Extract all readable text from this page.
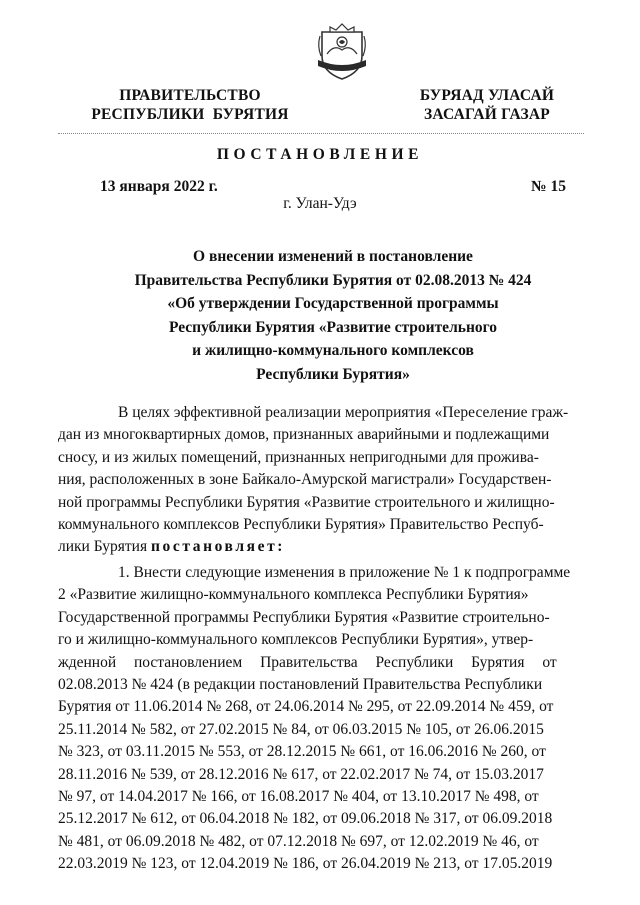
ПРАВИТЕЛЬСТВО
РЕСПУБЛИКИ  БУРЯТИЯ
БУРЯАД УЛАСАЙ
ЗАСАГАЙ ГАЗАР
ПОСТАНОВЛЕНИЕ
13 января 2022 г.	№ 15
г. Улан-Удэ
О внесении изменений в постановление
Правительства Республики Бурятия от 02.08.2013 № 424
«Об утверждении Государственной программы
Республики Бурятия «Развитие строительного
и жилищно-коммунального комплексов
Республики Бурятия»
В целях эффективной реализации мероприятия «Переселение граж-
дан из многоквартирных домов, признанных аварийными и подлежащими
сносу, и из жилых помещений, признанных непригодными для прожива-
ния, расположенных в зоне Байкало-Амурской магистрали» Государствен-
ной программы Республики Бурятия «Развитие строительного и жилищно-
коммунального комплексов Республики Бурятия» Правительство Респуб-
лики Бурятия постановляет:
1. Внести следующие изменения в приложение № 1 к подпрограмме
2 «Развитие жилищно-коммунального комплекса Республики Бурятия»
Государственной программы Республики Бурятия «Развитие строительно-
го и жилищно-коммунального комплексов Республики Бурятия», утвер-
жденной постановлением Правительства Республики Бурятия от
02.08.2013 № 424 (в редакции постановлений Правительства Республики
Бурятия от 11.06.2014 № 268, от 24.06.2014 № 295, от 22.09.2014 № 459, от
25.11.2014 № 582, от 27.02.2015 № 84, от 06.03.2015 № 105, от 26.06.2015
№ 323, от 03.11.2015 № 553, от 28.12.2015 № 661, от 16.06.2016 № 260, от
28.11.2016 № 539, от 28.12.2016 № 617, от 22.02.2017 № 74, от 15.03.2017
№ 97, от 14.04.2017 № 166, от 16.08.2017 № 404, от 13.10.2017 № 498, от
25.12.2017 № 612, от 06.04.2018 № 182, от 09.06.2018 № 317, от 06.09.2018
№ 481, от 06.09.2018 № 482, от 07.12.2018 № 697, от 12.02.2019 № 46, от
22.03.2019 № 123, от 12.04.2019 № 186, от 26.04.2019 № 213, от 17.05.2019
